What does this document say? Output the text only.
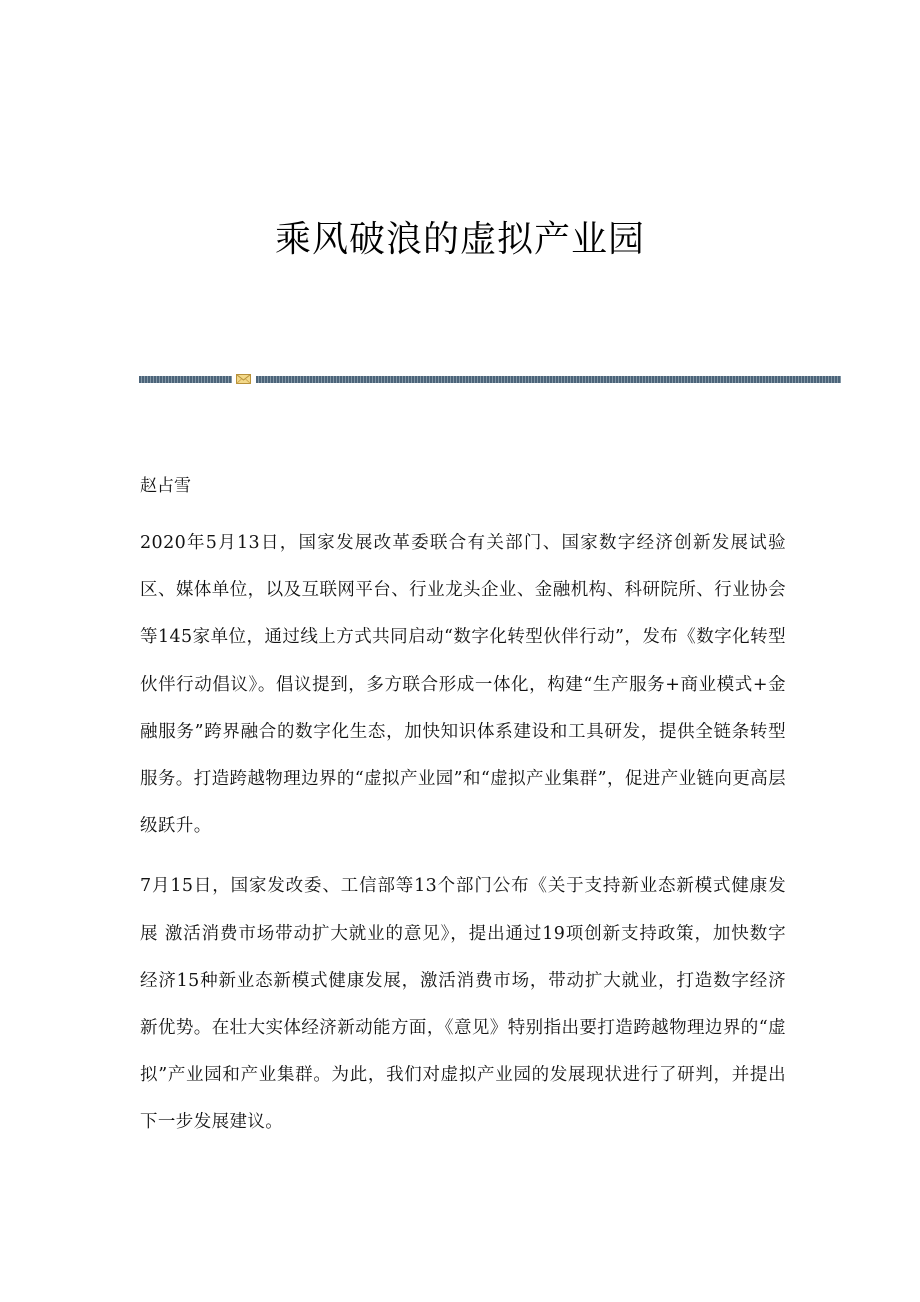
乘风破浪的虚拟产业园

赵占雪

2020年5月13日，国家发展改革委联合有关部门、国家数字经济创新发展试验区、媒体单位，以及互联网平台、行业龙头企业、金融机构、科研院所、行业协会等145家单位，通过线上方式共同启动“数字化转型伙伴行动”，发布《数字化转型伙伴行动倡议》。倡议提到，多方联合形成一体化，构建“生产服务+商业模式+金融服务”跨界融合的数字化生态，加快知识体系建设和工具研发，提供全链条转型服务。打造跨越物理边界的“虚拟产业园”和“虚拟产业集群”，促进产业链向更高层级跃升。

7月15日，国家发改委、工信部等13个部门公布《关于支持新业态新模式健康发展 激活消费市场带动扩大就业的意见》，提出通过19项创新支持政策，加快数字经济15种新业态新模式健康发展，激活消费市场，带动扩大就业，打造数字经济新优势。在壮大实体经济新动能方面，《意见》特别指出要打造跨越物理边界的“虚拟”产业园和产业集群。为此，我们对虚拟产业园的发展现状进行了研判，并提出下一步发展建议。
